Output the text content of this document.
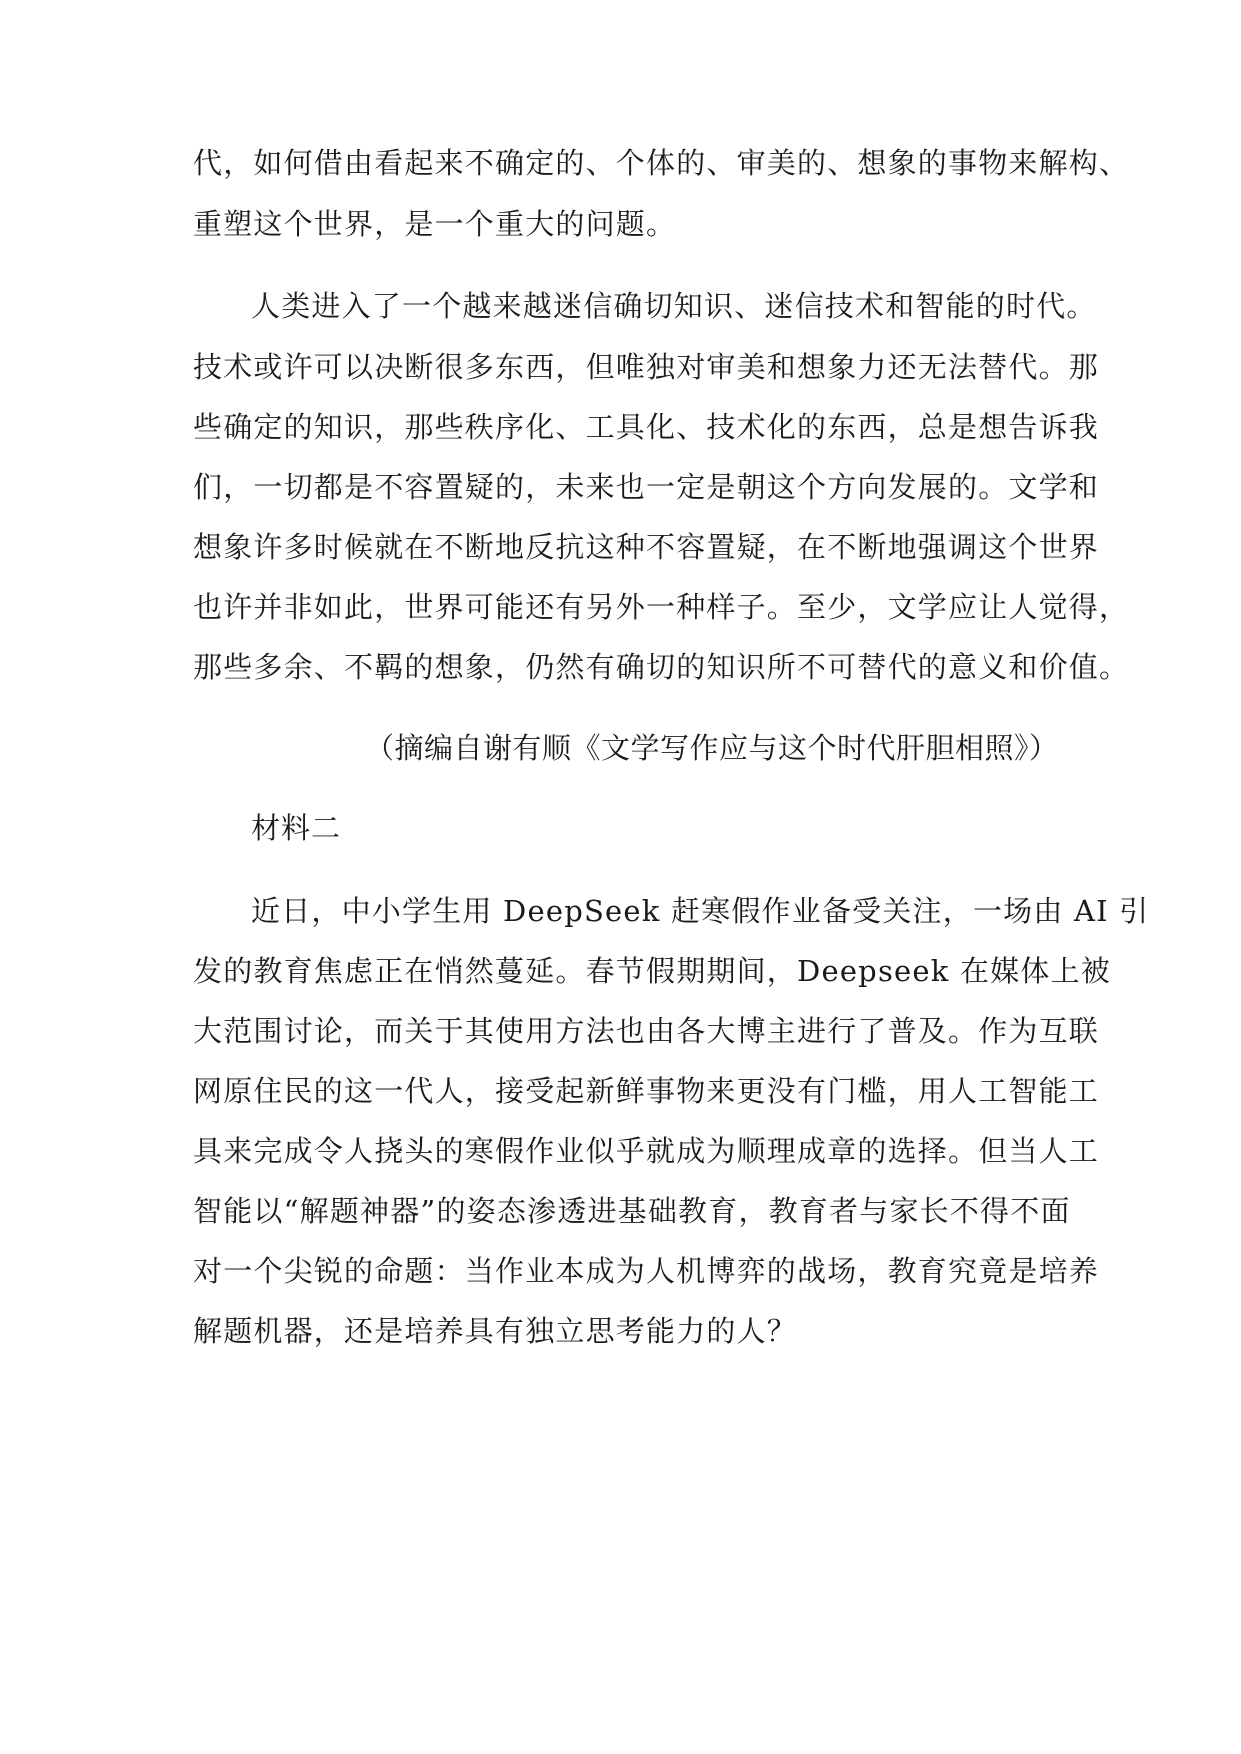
代，如何借由看起来不确定的、个体的、审美的、想象的事物来解构、
重塑这个世界，是一个重大的问题。
人类进入了一个越来越迷信确切知识、迷信技术和智能的时代。
技术或许可以决断很多东西，但唯独对审美和想象力还无法替代。那
些确定的知识，那些秩序化、工具化、技术化的东西，总是想告诉我
们，一切都是不容置疑的，未来也一定是朝这个方向发展的。文学和
想象许多时候就在不断地反抗这种不容置疑，在不断地强调这个世界
也许并非如此，世界可能还有另外一种样子。至少，文学应让人觉得，
那些多余、不羁的想象，仍然有确切的知识所不可替代的意义和价值。
（摘编自谢有顺《文学写作应与这个时代肝胆相照》）
材料二
近日，中小学生用 DeepSeek 赶寒假作业备受关注，一场由 AI 引
发的教育焦虑正在悄然蔓延。春节假期期间，Deepseek 在媒体上被
大范围讨论，而关于其使用方法也由各大博主进行了普及。作为互联
网原住民的这一代人，接受起新鲜事物来更没有门槛，用人工智能工
具来完成令人挠头的寒假作业似乎就成为顺理成章的选择。但当人工
智能以“解题神器”的姿态渗透进基础教育，教育者与家长不得不面
对一个尖锐的命题：当作业本成为人机博弈的战场，教育究竟是培养
解题机器，还是培养具有独立思考能力的人？
